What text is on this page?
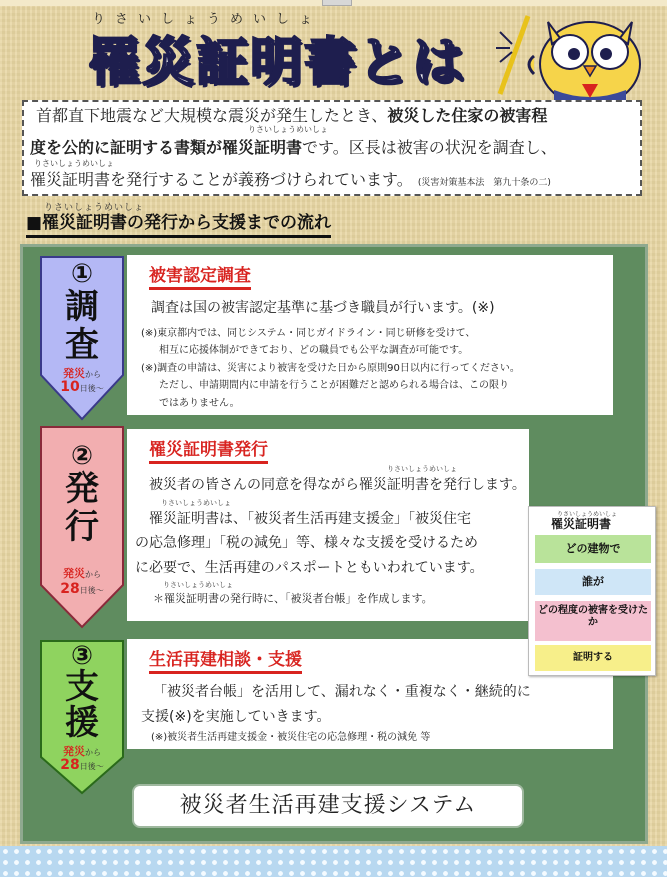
りさいしょうめいしょ
罹災証明書とは
首都直下地震など大規模な震災が発生したとき、被災した住家の被害程
りさいしょうめいしょ
度を公的に証明する書類が罹災証明書です。区長は被害の状況を調査し、
りさいしょうめいしょ
罹災証明書を発行することが義務づけられています。 (災害対策基本法　第九十条の二)
りさいしょうめいしょ
■罹災証明書の発行から支援までの流れ
①
調
査
発災から
10日後～
被害認定調査
調査は国の被害認定基準に基づき職員が行います。(※)
(※)東京都内では、同じシステム・同じガイドライン・同じ研修を受けて、
相互に応援体制ができており、どの職員でも公平な調査が可能です。
(※)調査の申請は、災害により被害を受けた日から原則90日以内に行ってください。
ただし、申請期間内に申請を行うことが困難だと認められる場合は、この限り
ではありません。
②
発
行
発災から
28日後～
罹災証明書発行
りさいしょうめいしょ
被災者の皆さんの同意を得ながら罹災証明書を発行します。
りさいしょうめいしょ
罹災証明書は、「被災者生活再建支援金」「被災住宅
の応急修理」「税の減免」等、様々な支援を受けるため
に必要で、生活再建のパスポートともいわれています。
りさいしょうめいしょ
＊罹災証明書の発行時に、「被災者台帳」を作成します。
③
支
援
発災から
28日後～
生活再建相談・支援
「被災者台帳」を活用して、漏れなく・重複なく・継続的に
支援(※)を実施していきます。
(※)被災者生活再建支援金・被災住宅の応急修理・税の減免 等
りさいしょうめいしょ
罹災証明書
どの建物で
誰が
どの程度の被害を受けたか
証明する
被災者生活再建支援システム
